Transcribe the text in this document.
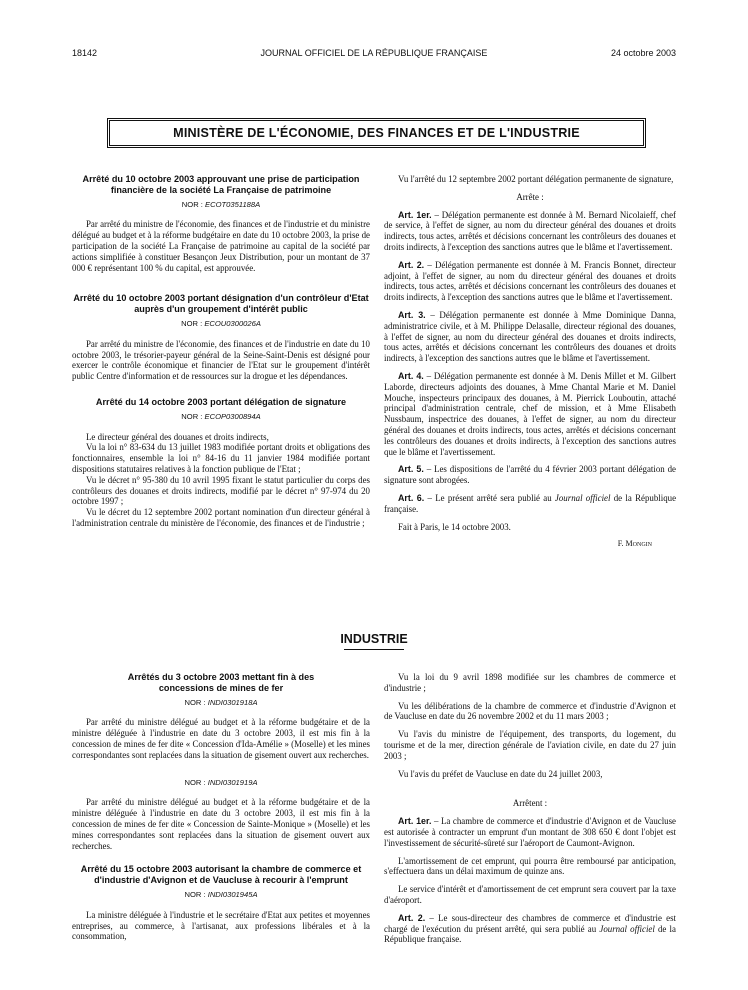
18142	JOURNAL OFFICIEL DE LA RÉPUBLIQUE FRANÇAISE	24 octobre 2003
MINISTÈRE DE L'ÉCONOMIE, DES FINANCES ET DE L'INDUSTRIE
Arrêté du 10 octobre 2003 approuvant une prise de participation financière de la société La Française de patrimoine
NOR : ECOT0351188A
Par arrêté du ministre de l'économie, des finances et de l'industrie et du ministre délégué au budget et à la réforme budgétaire en date du 10 octobre 2003, la prise de participation de la société La Française de patrimoine au capital de la société par actions simplifiée à constituer Besançon Jeux Distribution, pour un montant de 37 000 € représentant 100 % du capital, est approuvée.
Arrêté du 10 octobre 2003 portant désignation d'un contrôleur d'Etat auprès d'un groupement d'intérêt public
NOR : ECOU0300026A
Par arrêté du ministre de l'économie, des finances et de l'industrie en date du 10 octobre 2003, le trésorier-payeur général de la Seine-Saint-Denis est désigné pour exercer le contrôle économique et financier de l'Etat sur le groupement d'intérêt public Centre d'information et de ressources sur la drogue et les dépendances.
Arrêté du 14 octobre 2003 portant délégation de signature
NOR : ECOP0300894A
Le directeur général des douanes et droits indirects,
Vu la loi n° 83-634 du 13 juillet 1983 modifiée portant droits et obligations des fonctionnaires, ensemble la loi n° 84-16 du 11 janvier 1984 modifiée portant dispositions statutaires relatives à la fonction publique de l'Etat ;
Vu le décret n° 95-380 du 10 avril 1995 fixant le statut particulier du corps des contrôleurs des douanes et droits indirects, modifié par le décret n° 97-974 du 20 octobre 1997 ;
Vu le décret du 12 septembre 2002 portant nomination d'un directeur général à l'administration centrale du ministère de l'économie, des finances et de l'industrie ;
Vu l'arrêté du 12 septembre 2002 portant délégation permanente de signature,
Arrête :
Art. 1er. – Délégation permanente est donnée à M. Bernard Nicolaieff, chef de service, à l'effet de signer, au nom du directeur général des douanes et droits indirects, tous actes, arrêtés et décisions concernant les contrôleurs des douanes et droits indirects, à l'exception des sanctions autres que le blâme et l'avertissement.
Art. 2. – Délégation permanente est donnée à M. Francis Bonnet, directeur adjoint, à l'effet de signer, au nom du directeur général des douanes et droits indirects, tous actes, arrêtés et décisions concernant les contrôleurs des douanes et droits indirects, à l'exception des sanctions autres que le blâme et l'avertissement.
Art. 3. – Délégation permanente est donnée à Mme Dominique Danna, administratrice civile, et à M. Philippe Delasalle, directeur régional des douanes, à l'effet de signer, au nom du directeur général des douanes et droits indirects, tous actes, arrêtés et décisions concernant les contrôleurs des douanes et droits indirects, à l'exception des sanctions autres que le blâme et l'avertissement.
Art. 4. – Délégation permanente est donnée à M. Denis Millet et M. Gilbert Laborde, directeurs adjoints des douanes, à Mme Chantal Marie et M. Daniel Mouche, inspecteurs principaux des douanes, à M. Pierrick Louboutin, attaché principal d'administration centrale, chef de mission, et à Mme Elisabeth Nussbaum, inspectrice des douanes, à l'effet de signer, au nom du directeur général des douanes et droits indirects, tous actes, arrêtés et décisions concernant les contrôleurs des douanes et droits indirects, à l'exception des sanctions autres que le blâme et l'avertissement.
Art. 5. – Les dispositions de l'arrêté du 4 février 2003 portant délégation de signature sont abrogées.
Art. 6. – Le présent arrêté sera publié au Journal officiel de la République française.
Fait à Paris, le 14 octobre 2003.
F. Mongin
INDUSTRIE
Arrêtés du 3 octobre 2003 mettant fin à des concessions de mines de fer
NOR : INDI0301918A
Par arrêté du ministre délégué au budget et à la réforme budgétaire et de la ministre déléguée à l'industrie en date du 3 octobre 2003, il est mis fin à la concession de mines de fer dite « Concession d'Ida-Amélie » (Moselle) et les mines correspondantes sont replacées dans la situation de gisement ouvert aux recherches.
NOR : INDI0301919A
Par arrêté du ministre délégué au budget et à la réforme budgétaire et de la ministre déléguée à l'industrie en date du 3 octobre 2003, il est mis fin à la concession de mines de fer dite « Concession de Sainte-Monique » (Moselle) et les mines correspondantes sont replacées dans la situation de gisement ouvert aux recherches.
Arrêté du 15 octobre 2003 autorisant la chambre de commerce et d'industrie d'Avignon et de Vaucluse à recourir à l'emprunt
NOR : INDI0301945A
La ministre déléguée à l'industrie et le secrétaire d'Etat aux petites et moyennes entreprises, au commerce, à l'artisanat, aux professions libérales et à la consommation,
Vu la loi du 9 avril 1898 modifiée sur les chambres de commerce et d'industrie ;
Vu les délibérations de la chambre de commerce et d'industrie d'Avignon et de Vaucluse en date du 26 novembre 2002 et du 11 mars 2003 ;
Vu l'avis du ministre de l'équipement, des transports, du logement, du tourisme et de la mer, direction générale de l'aviation civile, en date du 27 juin 2003 ;
Vu l'avis du préfet de Vaucluse en date du 24 juillet 2003,
Arrêtent :
Art. 1er. – La chambre de commerce et d'industrie d'Avignon et de Vaucluse est autorisée à contracter un emprunt d'un montant de 308 650 € dont l'objet est l'investissement de sécurité-sûreté sur l'aéroport de Caumont-Avignon.
L'amortissement de cet emprunt, qui pourra être remboursé par anticipation, s'effectuera dans un délai maximum de quinze ans.
Le service d'intérêt et d'amortissement de cet emprunt sera couvert par la taxe d'aéroport.
Art. 2. – Le sous-directeur des chambres de commerce et d'industrie est chargé de l'exécution du présent arrêté, qui sera publié au Journal officiel de la République française.
